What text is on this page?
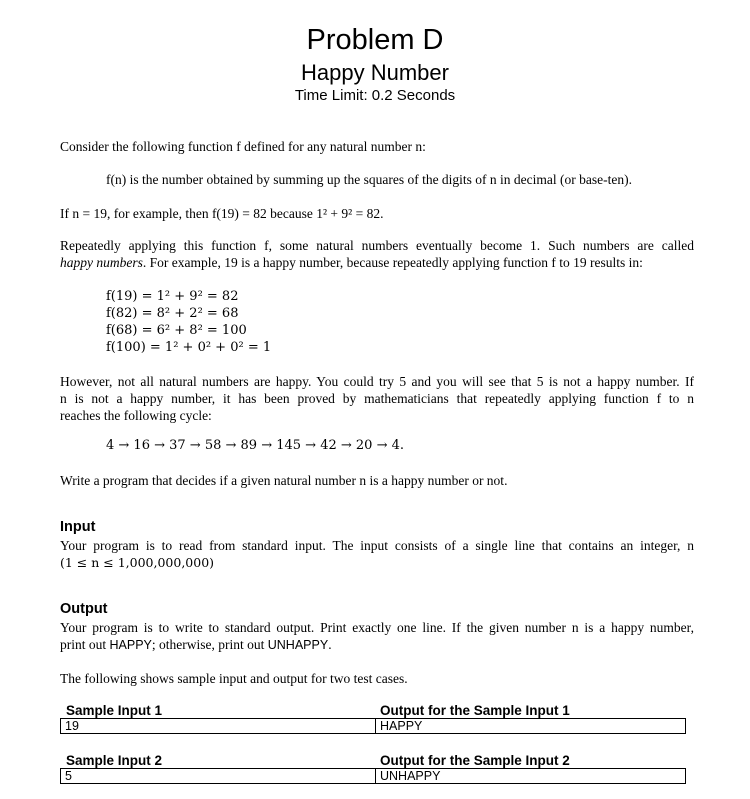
Problem D
Happy Number
Time Limit: 0.2 Seconds
Consider the following function f defined for any natural number n:
f(n) is the number obtained by summing up the squares of the digits of n in decimal (or base-ten).
If n = 19, for example, then f(19) = 82 because 1² + 9² = 82.
Repeatedly applying this function f, some natural numbers eventually become 1. Such numbers are called
happy numbers. For example, 19 is a happy number, because repeatedly applying function f to 19 results in:
f(19) = 1² + 9² = 82
f(82) = 8² + 2² = 68
f(68) = 6² + 8² = 100
f(100) = 1² + 0² + 0² = 1
However, not all natural numbers are happy. You could try 5 and you will see that 5 is not a happy number. If
n is not a happy number, it has been proved by mathematicians that repeatedly applying function f to n
reaches the following cycle:
4 → 16 → 37 → 58 → 89 → 145 → 42 → 20 → 4.
Write a program that decides if a given natural number n is a happy number or not.
Input
Your program is to read from standard input. The input consists of a single line that contains an integer, n
(1 ≤ n ≤ 1,000,000,000)
Output
Your program is to write to standard output. Print exactly one line. If the given number n is a happy number,
print out HAPPY; otherwise, print out UNHAPPY.
The following shows sample input and output for two test cases.
Sample Input 1	Output for the Sample Input 1
19	HAPPY
Sample Input 2	Output for the Sample Input 2
5	UNHAPPY
